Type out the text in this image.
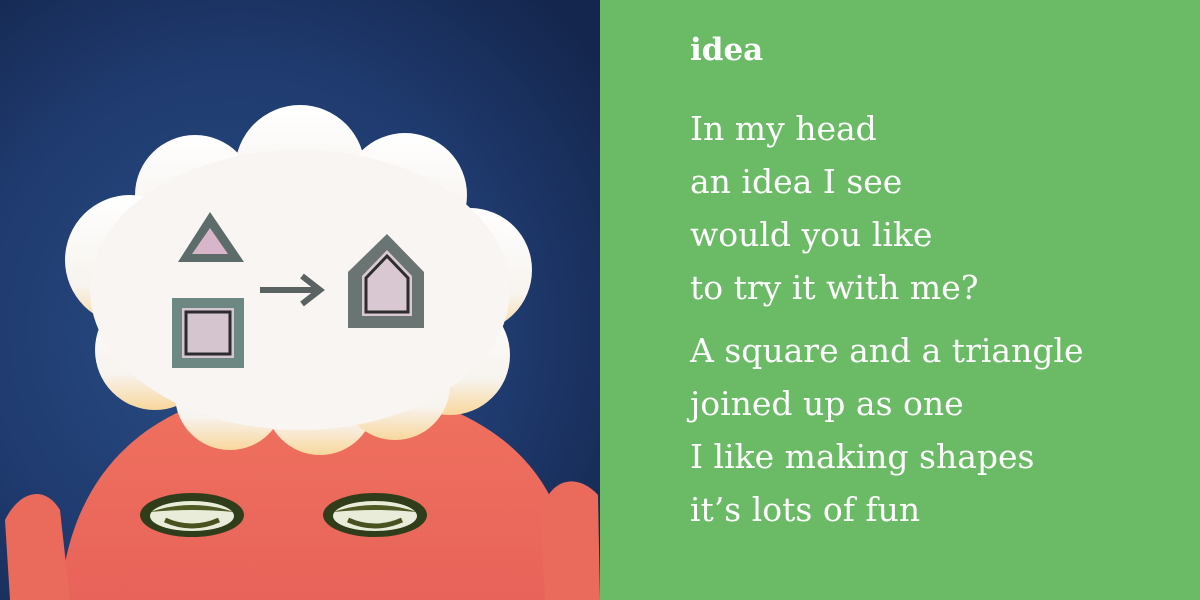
idea
In my head
an idea I see
would you like
to try it with me?
A square and a triangle
joined up as one
I like making shapes
it’s lots of fun
